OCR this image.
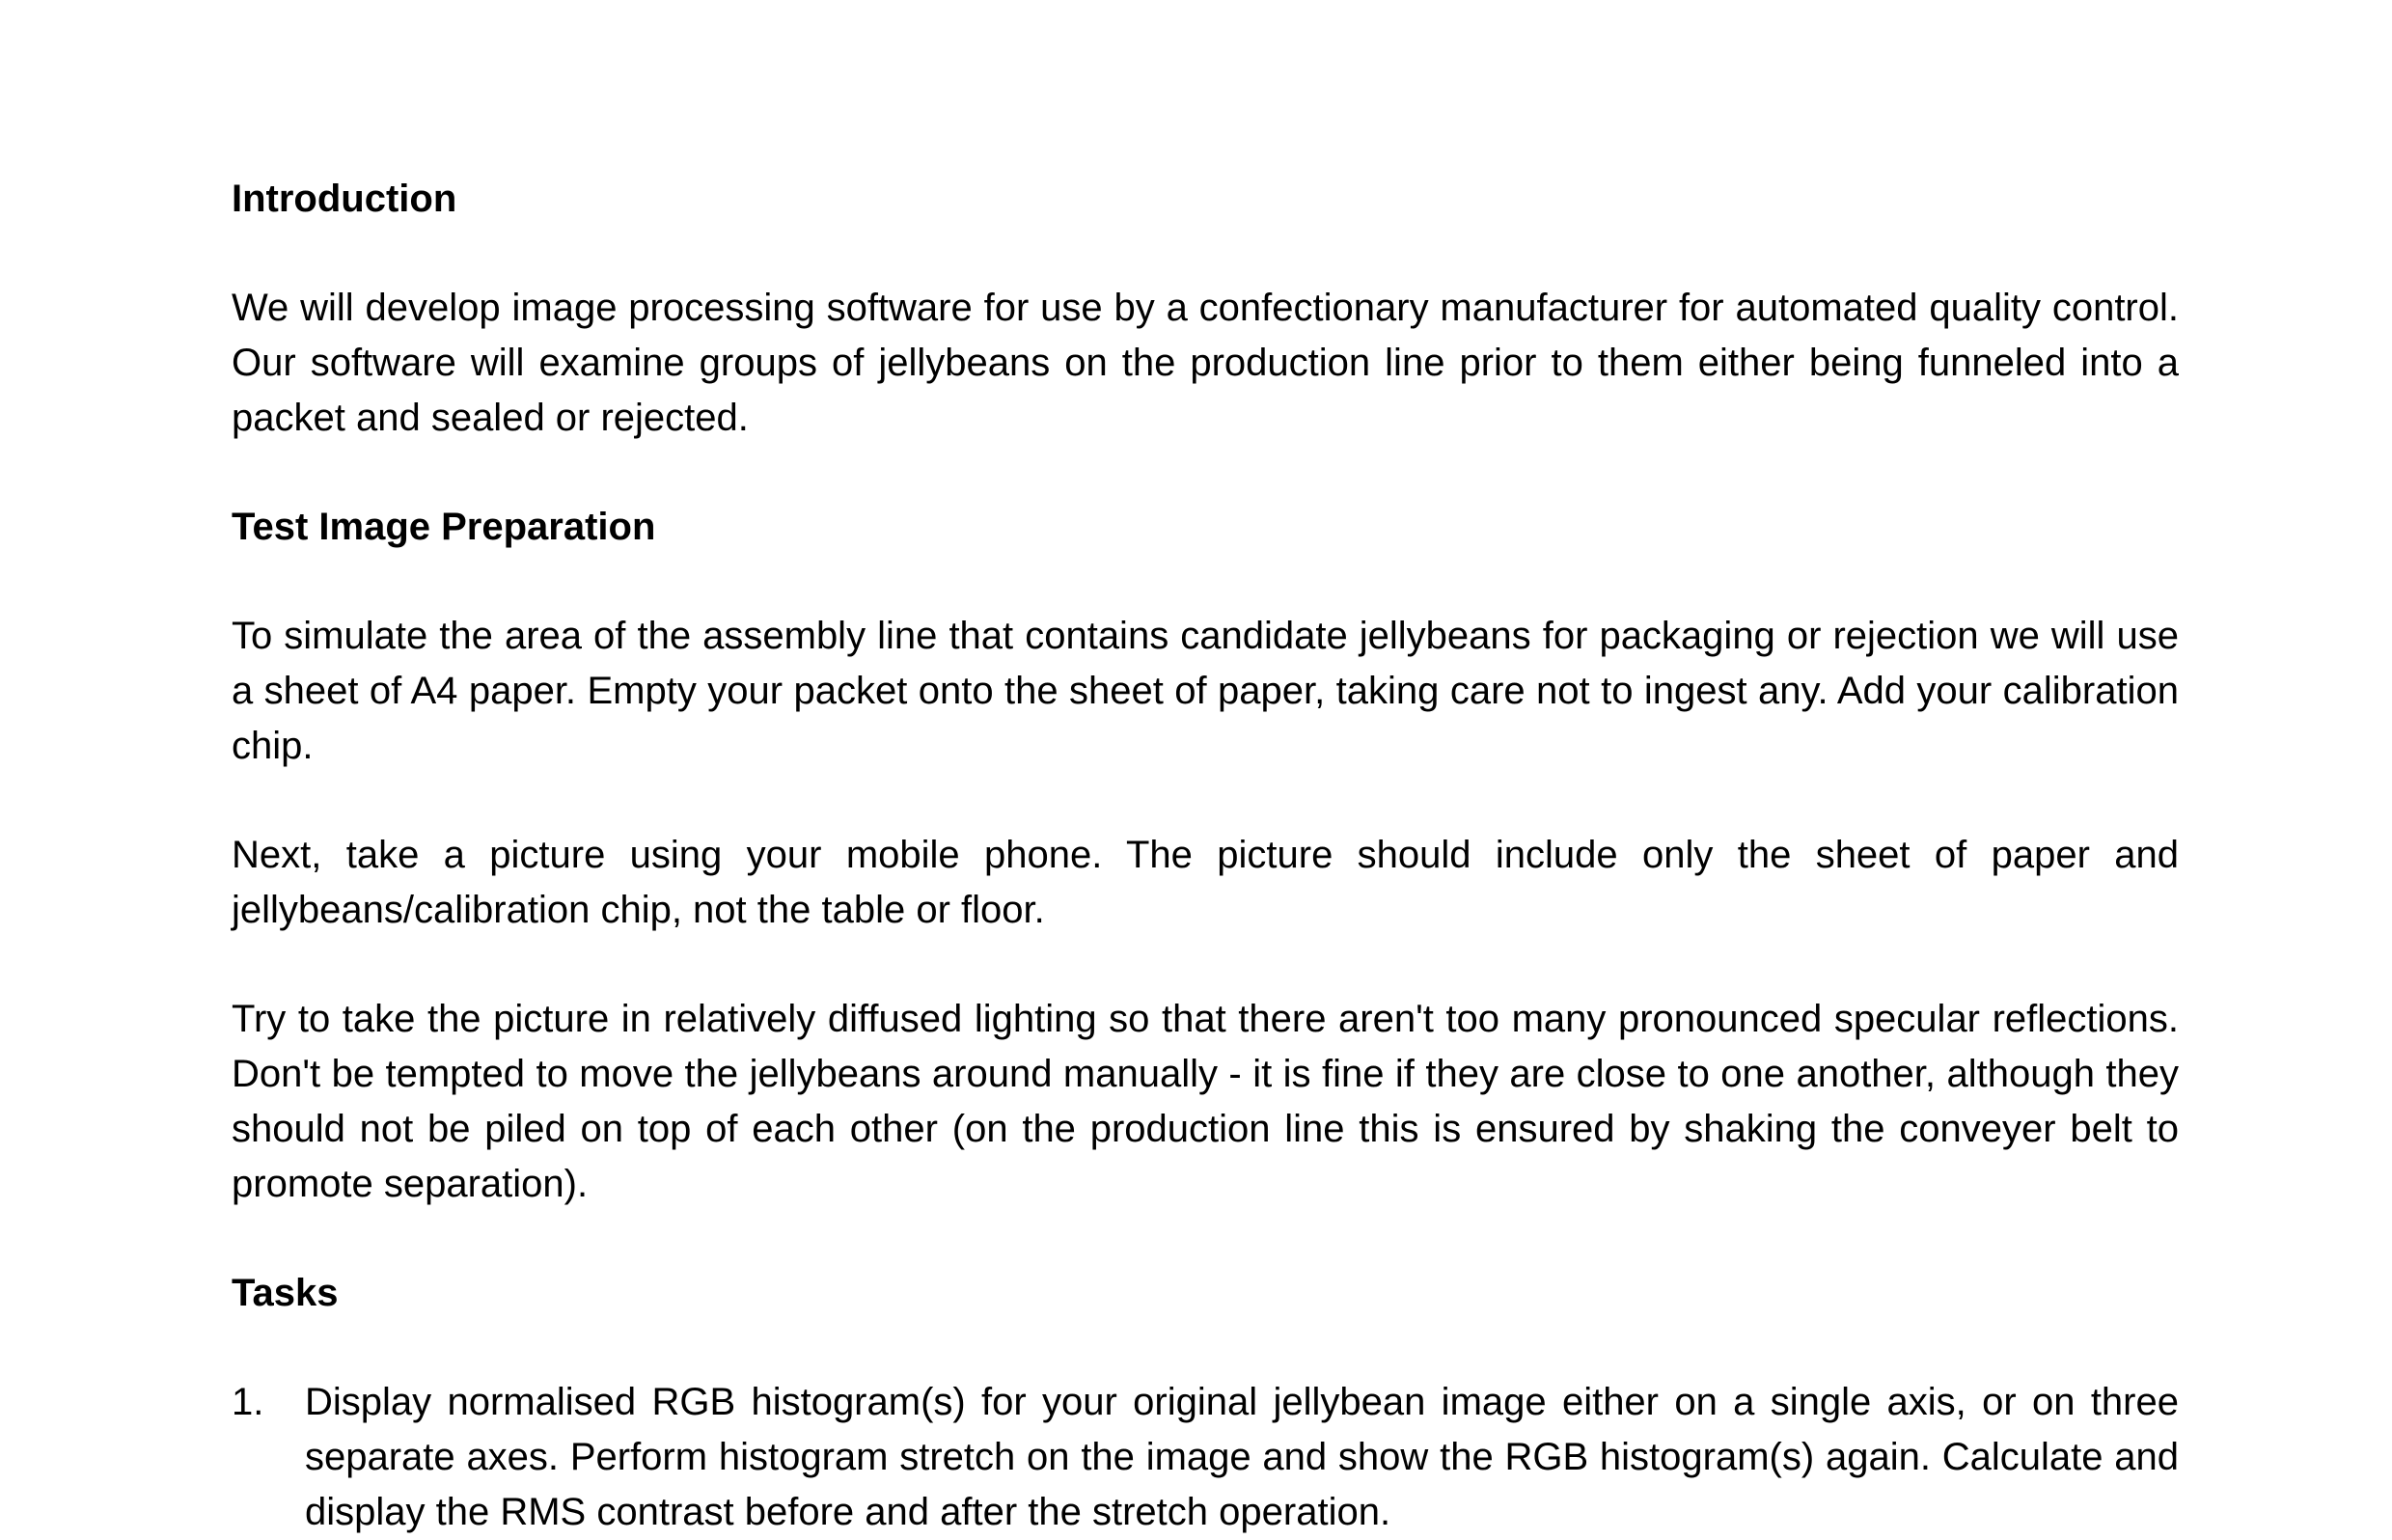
Introduction

We will develop image processing software for use by a confectionary manufacturer for automated quality control. Our software will examine groups of jellybeans on the production line prior to them either being funneled into a packet and sealed or rejected.

Test Image Preparation

To simulate the area of the assembly line that contains candidate jellybeans for packaging or rejection we will use a sheet of A4 paper. Empty your packet onto the sheet of paper, taking care not to ingest any. Add your calibration chip.

Next, take a picture using your mobile phone. The picture should include only the sheet of paper and jellybeans/calibration chip, not the table or floor.

Try to take the picture in relatively diffused lighting so that there aren't too many pronounced specular reflections. Don't be tempted to move the jellybeans around manually - it is fine if they are close to one another, although they should not be piled on top of each other (on the production line this is ensured by shaking the conveyer belt to promote separation).

Tasks
1.	Display normalised RGB histogram(s) for your original jellybean image either on a single axis, or on three separate axes. Perform histogram stretch on the image and show the RGB histogram(s) again. Calculate and display the RMS contrast before and after the stretch operation.
